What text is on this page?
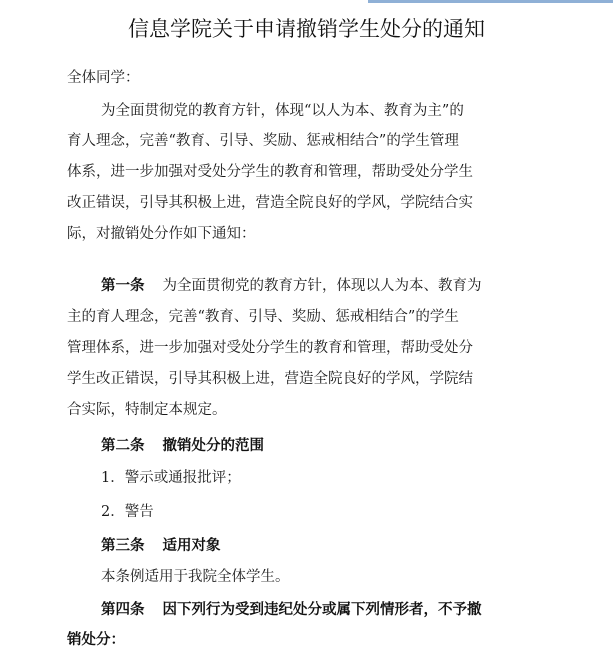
信息学院关于申请撤销学生处分的通知

全体同学：

为全面贯彻党的教育方针，体现“以人为本、教育为主”的

育人理念，完善“教育、引导、奖励、惩戒相结合”的学生管理

体系，进一步加强对受处分学生的教育和管理，帮助受处分学生

改正错误，引导其积极上进，营造全院良好的学风，学院结合实

际，对撤销处分作如下通知：

第一条 为全面贯彻党的教育方针，体现以人为本、教育为

主的育人理念，完善“教育、引导、奖励、惩戒相结合”的学生

管理体系，进一步加强对受处分学生的教育和管理，帮助受处分

学生改正错误，引导其积极上进，营造全院良好的学风，学院结

合实际，特制定本规定。

第二条 撤销处分的范围

1．警示或通报批评；

2．警告

第三条 适用对象

本条例适用于我院全体学生。

第四条 因下列行为受到违纪处分或属下列情形者，不予撤

销处分：
